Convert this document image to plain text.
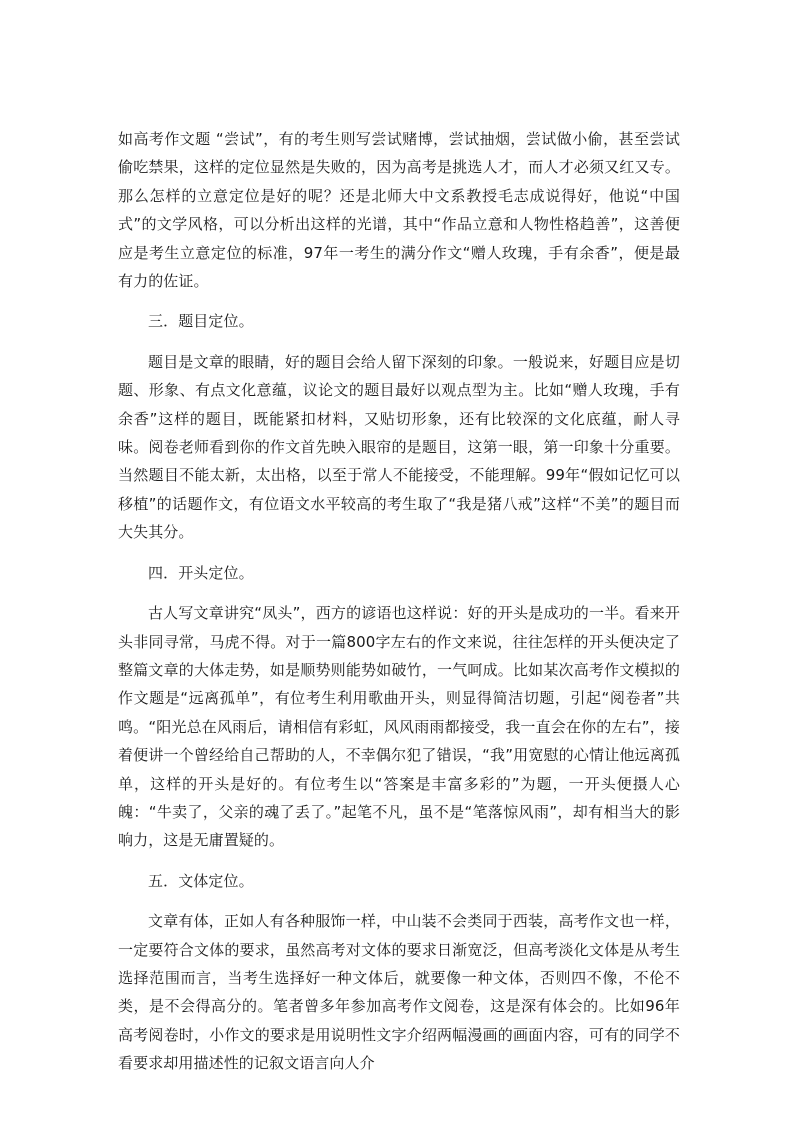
如高考作文题 “尝试”，有的考生则写尝试赌博，尝试抽烟，尝试做小偷，甚至尝试偷吃禁果，这样的定位显然是失败的，因为高考是挑选人才，而人才必须又红又专。那么怎样的立意定位是好的呢？还是北师大中文系教授毛志成说得好，他说“中国式”的文学风格，可以分析出这样的光谱，其中“作品立意和人物性格趋善”，这善便应是考生立意定位的标准，97年一考生的满分作文“赠人玫瑰，手有余香”，便是最有力的佐证。

三．题目定位。

题目是文章的眼睛，好的题目会给人留下深刻的印象。一般说来，好题目应是切题、形象、有点文化意蕴，议论文的题目最好以观点型为主。比如“赠人玫瑰，手有余香”这样的题目，既能紧扣材料，又贴切形象，还有比较深的文化底蕴，耐人寻味。阅卷老师看到你的作文首先映入眼帘的是题目，这第一眼，第一印象十分重要。当然题目不能太新，太出格，以至于常人不能接受，不能理解。99年“假如记忆可以移植”的话题作文，有位语文水平较高的考生取了“我是猪八戒”这样“不美”的题目而大失其分。

四．开头定位。

古人写文章讲究“凤头”，西方的谚语也这样说：好的开头是成功的一半。看来开头非同寻常，马虎不得。对于一篇800字左右的作文来说，往往怎样的开头便决定了整篇文章的大体走势，如是顺势则能势如破竹，一气呵成。比如某次高考作文模拟的作文题是“远离孤单”，有位考生利用歌曲开头，则显得简洁切题，引起“阅卷者”共鸣。“阳光总在风雨后，请相信有彩虹，风风雨雨都接受，我一直会在你的左右”，接着便讲一个曾经给自己帮助的人，不幸偶尔犯了错误，“我”用宽慰的心情让他远离孤单，这样的开头是好的。有位考生以“答案是丰富多彩的”为题，一开头便摄人心魄：“牛卖了，父亲的魂了丢了。”起笔不凡，虽不是“笔落惊风雨”，却有相当大的影响力，这是无庸置疑的。

五．文体定位。

文章有体，正如人有各种服饰一样，中山装不会类同于西装，高考作文也一样，一定要符合文体的要求，虽然高考对文体的要求日渐宽泛，但高考淡化文体是从考生选择范围而言，当考生选择好一种文体后，就要像一种文体，否则四不像，不伦不类，是不会得高分的。笔者曾多年参加高考作文阅卷，这是深有体会的。比如96年高考阅卷时，小作文的要求是用说明性文字介绍两幅漫画的画面内容，可有的同学不看要求却用描述性的记叙文语言向人介
